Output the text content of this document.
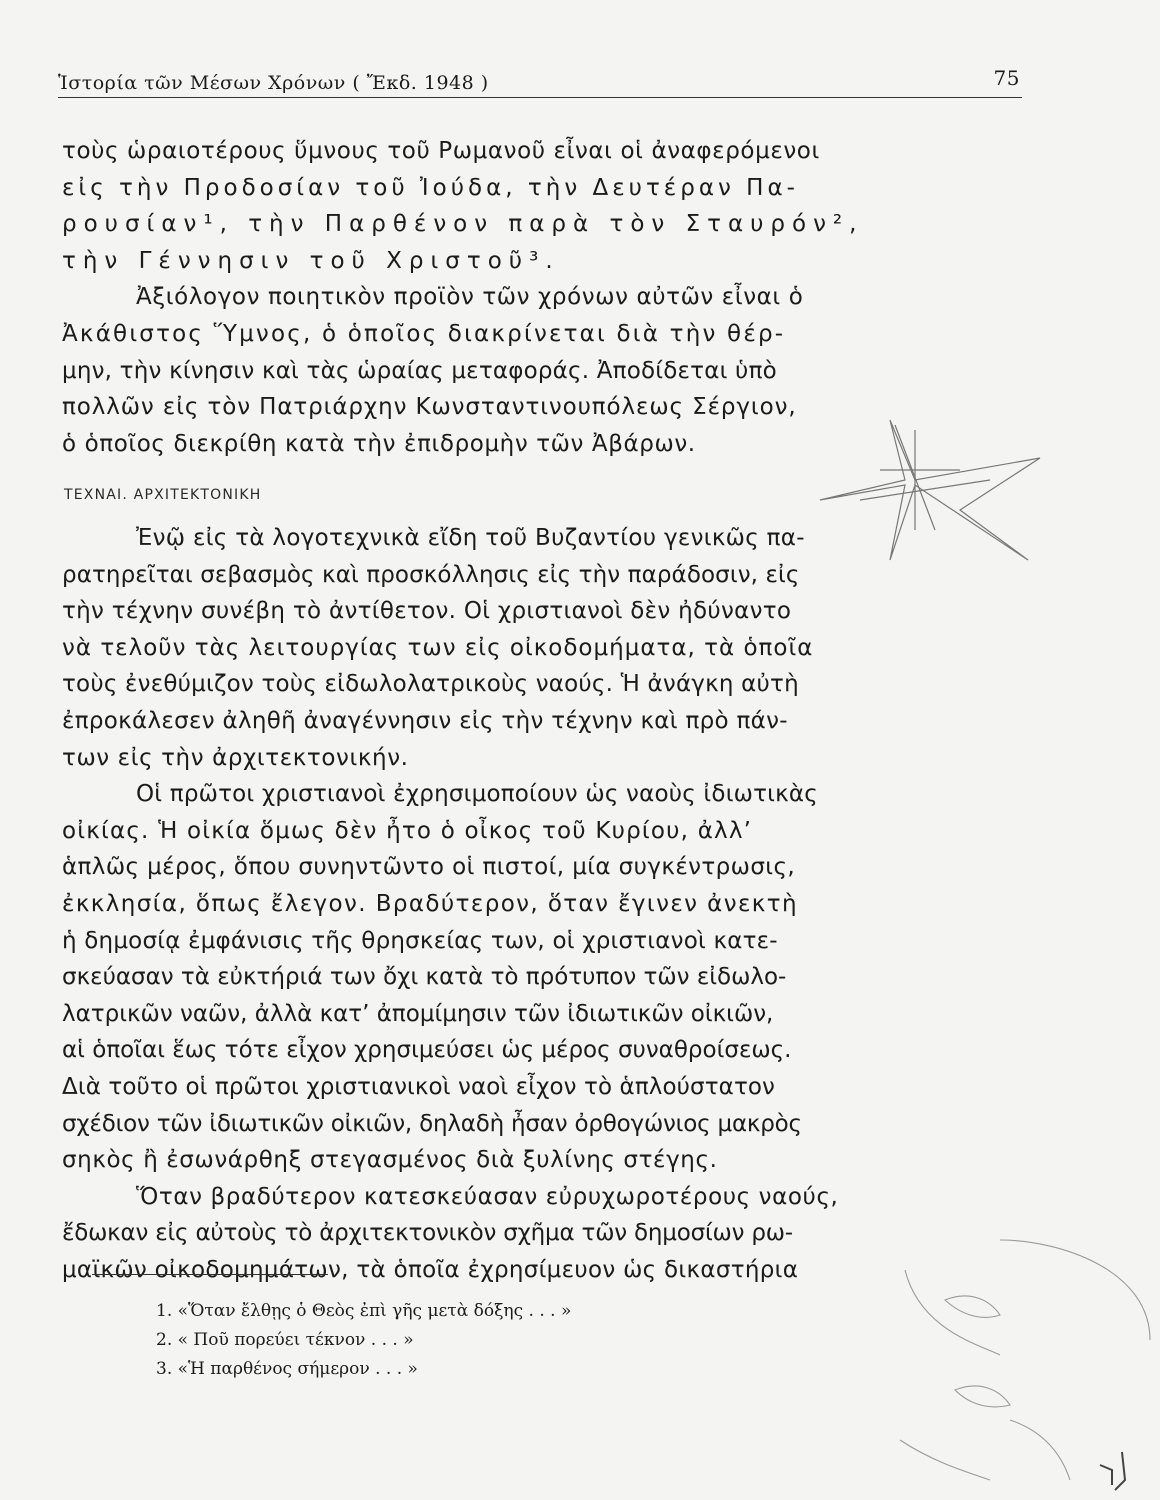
Ἱστορία τῶν Μέσων Χρόνων ( Ἔκδ. 1948 )	75
τοὺς ὡραιοτέρους ὕμνους τοῦ Ρωμανοῦ εἶναι οἱ ἀναφερόμενοι
εἰς τὴν Προδοσίαν τοῦ Ἰούδα, τὴν Δευτέραν Πα-
ρουσίαν¹, τὴν Παρθένον παρὰ τὸν Σταυρόν²,
τὴν Γέννησιν τοῦ Χριστοῦ³.
Ἀξιόλογον ποιητικὸν προϊὸν τῶν χρόνων αὐτῶν εἶναι ὁ
Ἀκάθιστος Ὕμνος, ὁ ὁποῖος διακρίνεται διὰ τὴν θέρ-
μην, τὴν κίνησιν καὶ τὰς ὡραίας μεταφοράς. Ἀποδίδεται ὑπὸ
πολλῶν εἰς τὸν Πατριάρχην Κωνσταντινουπόλεως Σέργιον,
ὁ ὁποῖος διεκρίθη κατὰ τὴν ἐπιδρομὴν τῶν Ἀβάρων.
ΤΕΧΝΑΙ. ΑΡΧΙΤΕΚΤΟΝΙΚΗ
Ἐνῷ εἰς τὰ λογοτεχνικὰ εἴδη τοῦ Βυζαντίου γενικῶς πα-
ρατηρεῖται σεβασμὸς καὶ προσκόλλησις εἰς τὴν παράδοσιν, εἰς
τὴν τέχνην συνέβη τὸ ἀντίθετον. Οἱ χριστιανοὶ δὲν ἠδύναντο
νὰ τελοῦν τὰς λειτουργίας των εἰς οἰκοδομήματα, τὰ ὁποῖα
τοὺς ἐνεθύμιζον τοὺς εἰδωλολατρικοὺς ναούς. Ἡ ἀνάγκη αὐτὴ
ἐπροκάλεσεν ἀληθῆ ἀναγέννησιν εἰς τὴν τέχνην καὶ πρὸ πάν-
των εἰς τὴν ἀρχιτεκτονικήν.
Οἱ πρῶτοι χριστιανοὶ ἐχρησιμοποίουν ὡς ναοὺς ἰδιωτικὰς
οἰκίας. Ἡ οἰκία ὅμως δὲν ἦτο ὁ οἶκος τοῦ Κυρίου, ἀλλ’
ἁπλῶς μέρος, ὅπου συνηντῶντο οἱ πιστοί, μία συγκέντρωσις,
ἐκκλησία, ὅπως ἔλεγον. Βραδύτερον, ὅταν ἔγινεν ἀνεκτὴ
ἡ δημοσίᾳ ἐμφάνισις τῆς θρησκείας των, οἱ χριστιανοὶ κατε-
σκεύασαν τὰ εὐκτήριά των ὄχι κατὰ τὸ πρότυπον τῶν εἰδωλο-
λατρικῶν ναῶν, ἀλλὰ κατ’ ἀπομίμησιν τῶν ἰδιωτικῶν οἰκιῶν,
αἱ ὁποῖαι ἕως τότε εἶχον χρησιμεύσει ὡς μέρος συναθροίσεως.
Διὰ τοῦτο οἱ πρῶτοι χριστιανικοὶ ναοὶ εἶχον τὸ ἁπλούστατον
σχέδιον τῶν ἰδιωτικῶν οἰκιῶν, δηλαδὴ ἦσαν ὀρθογώνιος μακρὸς
σηκὸς ἢ ἐσωνάρθηξ στεγασμένος διὰ ξυλίνης στέγης.
Ὅταν βραδύτερον κατεσκεύασαν εὐρυχωροτέρους ναούς,
ἔδωκαν εἰς αὐτοὺς τὸ ἀρχιτεκτονικὸν σχῆμα τῶν δημοσίων ρω-
μαϊκῶν οἰκοδομημάτων, τὰ ὁποῖα ἐχρησίμευον ὡς δικαστήρια
1. «Ὅταν ἔλθῃς ὁ Θεὸς ἐπὶ γῆς μετὰ δόξης . . . »
2. « Ποῦ πορεύει τέκνον . . . »
3. «Ἡ παρθένος σήμερον . . . »
